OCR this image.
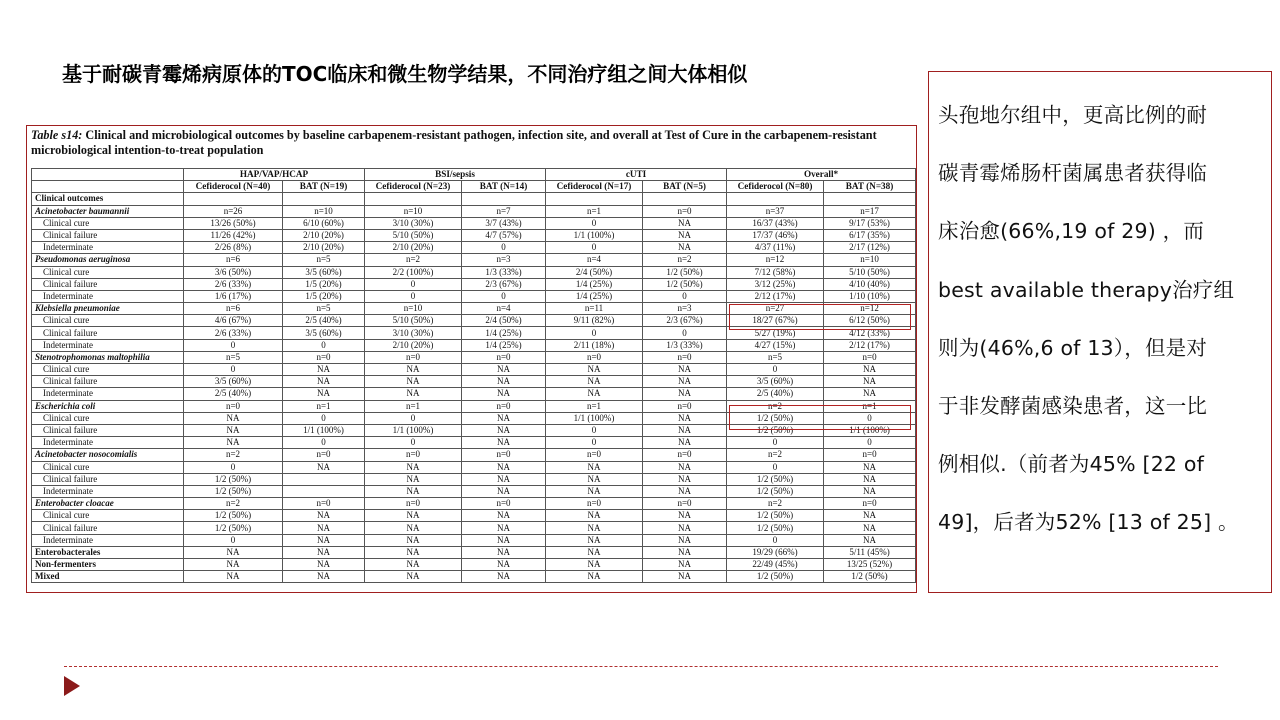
基于耐碳青霉烯病原体的TOC临床和微生物学结果，不同治疗组之间大体相似
Table s14: Clinical and microbiological outcomes by baseline carbapenem-resistant pathogen, infection site, and overall at Test of Cure in the carbapenem-resistant
microbiological intention-to-treat population
	HAP/VAP/HCAP		BSI/sepsis		cUTI		Overall*	
	Cefiderocol (N=40)	BAT (N=19)	Cefiderocol (N=23)	BAT (N=14)	Cefiderocol (N=17)	BAT (N=5)	Cefiderocol (N=80)	BAT (N=38)
Clinical outcomes								
Acinetobacter baumannii	n=26	n=10	n=10	n=7	n=1	n=0	n=37	n=17
Clinical cure	13/26 (50%)	6/10 (60%)	3/10 (30%)	3/7 (43%)	0	NA	16/37 (43%)	9/17 (53%)
Clinical failure	11/26 (42%)	2/10 (20%)	5/10 (50%)	4/7 (57%)	1/1 (100%)	NA	17/37 (46%)	6/17 (35%)
Indeterminate	2/26 (8%)	2/10 (20%)	2/10 (20%)	0	0	NA	4/37 (11%)	2/17 (12%)
Pseudomonas aeruginosa	n=6	n=5	n=2	n=3	n=4	n=2	n=12	n=10
Clinical cure	3/6 (50%)	3/5 (60%)	2/2 (100%)	1/3 (33%)	2/4 (50%)	1/2 (50%)	7/12 (58%)	5/10 (50%)
Clinical failure	2/6 (33%)	1/5 (20%)	0	2/3 (67%)	1/4 (25%)	1/2 (50%)	3/12 (25%)	4/10 (40%)
Indeterminate	1/6 (17%)	1/5 (20%)	0	0	1/4 (25%)	0	2/12 (17%)	1/10 (10%)
Klebsiella pneumoniae	n=6	n=5	n=10	n=4	n=11	n=3	n=27	n=12
Clinical cure	4/6 (67%)	2/5 (40%)	5/10 (50%)	2/4 (50%)	9/11 (82%)	2/3 (67%)	18/27 (67%)	6/12 (50%)
Clinical failure	2/6 (33%)	3/5 (60%)	3/10 (30%)	1/4 (25%)	0	0	5/27 (19%)	4/12 (33%)
Indeterminate	0	0	2/10 (20%)	1/4 (25%)	2/11 (18%)	1/3 (33%)	4/27 (15%)	2/12 (17%)
Stenotrophomonas maltophilia	n=5	n=0	n=0	n=0	n=0	n=0	n=5	n=0
Clinical cure	0	NA	NA	NA	NA	NA	0	NA
Clinical failure	3/5 (60%)	NA	NA	NA	NA	NA	3/5 (60%)	NA
Indeterminate	2/5 (40%)	NA	NA	NA	NA	NA	2/5 (40%)	NA
Escherichia coli	n=0	n=1	n=1	n=0	n=1	n=0	n=2	n=1
Clinical cure	NA	0	0	NA	1/1 (100%)	NA	1/2 (50%)	0
Clinical failure	NA	1/1 (100%)	1/1 (100%)	NA	0	NA	1/2 (50%)	1/1 (100%)
Indeterminate	NA	0	0	NA	0	NA	0	0
Acinetobacter nosocomialis	n=2	n=0	n=0	n=0	n=0	n=0	n=2	n=0
Clinical cure	0	NA	NA	NA	NA	NA	0	NA
Clinical failure	1/2 (50%)		NA	NA	NA	NA	1/2 (50%)	NA
Indeterminate	1/2 (50%)		NA	NA	NA	NA	1/2 (50%)	NA
Enterobacter cloacae	n=2	n=0	n=0	n=0	n=0	n=0	n=2	n=0
Clinical cure	1/2 (50%)	NA	NA	NA	NA	NA	1/2 (50%)	NA
Clinical failure	1/2 (50%)	NA	NA	NA	NA	NA	1/2 (50%)	NA
Indeterminate	0	NA	NA	NA	NA	NA	0	NA
Enterobacterales	NA	NA	NA	NA	NA	NA	19/29 (66%)	5/11 (45%)
Non-fermenters	NA	NA	NA	NA	NA	NA	22/49 (45%)	13/25 (52%)
Mixed	NA	NA	NA	NA	NA	NA	1/2 (50%)	1/2 (50%)
头孢地尔组中，更高比例的耐
碳青霉烯肠杆菌属患者获得临
床治愈(66%,19 of 29) ，而
best available therapy治疗组
则为(46%,6 of 13），但是对
于非发酵菌感染患者，这一比
例相似.（前者为45% [22 of
49]，后者为52% [13 of 25] 。
